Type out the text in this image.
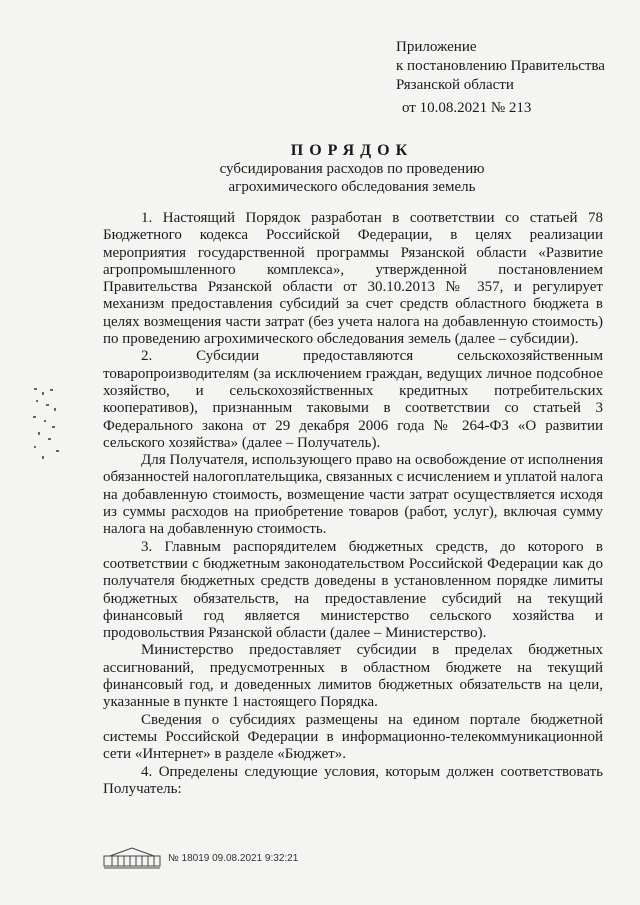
Приложение
к постановлению Правительства
Рязанской области
от 10.08.2021 № 213
ПОРЯДОК
субсидирования расходов по проведению
агрохимического обследования земель

1. Настоящий Порядок разработан в соответствии со статьей 78 Бюджетного кодекса Российской Федерации, в целях реализации мероприятия государственной программы Рязанской области «Развитие агропромышленного комплекса», утвержденной постановлением Правительства Рязанской области от 30.10.2013 № 357, и регулирует механизм предоставления субсидий за счет средств областного бюджета в целях возмещения части затрат (без учета налога на добавленную стоимость) по проведению агрохимического обследования земель (далее – субсидии).

2. Субсидии предоставляются сельскохозяйственным товаропроизводителям (за исключением граждан, ведущих личное подсобное хозяйство, и сельскохозяйственных кредитных потребительских кооперативов), признанным таковыми в соответствии со статьей 3 Федерального закона от 29 декабря 2006 года № 264-ФЗ «О развитии сельского хозяйства» (далее – Получатель).

Для Получателя, использующего право на освобождение от исполнения обязанностей налогоплательщика, связанных с исчислением и уплатой налога на добавленную стоимость, возмещение части затрат осуществляется исходя из суммы расходов на приобретение товаров (работ, услуг), включая сумму налога на добавленную стоимость.

3. Главным распорядителем бюджетных средств, до которого в соответствии с бюджетным законодательством Российской Федерации как до получателя бюджетных средств доведены в установленном порядке лимиты бюджетных обязательств, на предоставление субсидий на текущий финансовый год является министерство сельского хозяйства и продовольствия Рязанской области (далее – Министерство).

Министерство предоставляет субсидии в пределах бюджетных ассигнований, предусмотренных в областном бюджете на текущий финансовый год, и доведенных лимитов бюджетных обязательств на цели, указанные в пункте 1 настоящего Порядка.

Сведения о субсидиях размещены на едином портале бюджетной системы Российской Федерации в информационно-телекоммуникационной сети «Интернет» в разделе «Бюджет».

4. Определены следующие условия, которым должен соответствовать Получатель:

№ 18019 09.08.2021 9:32:21
